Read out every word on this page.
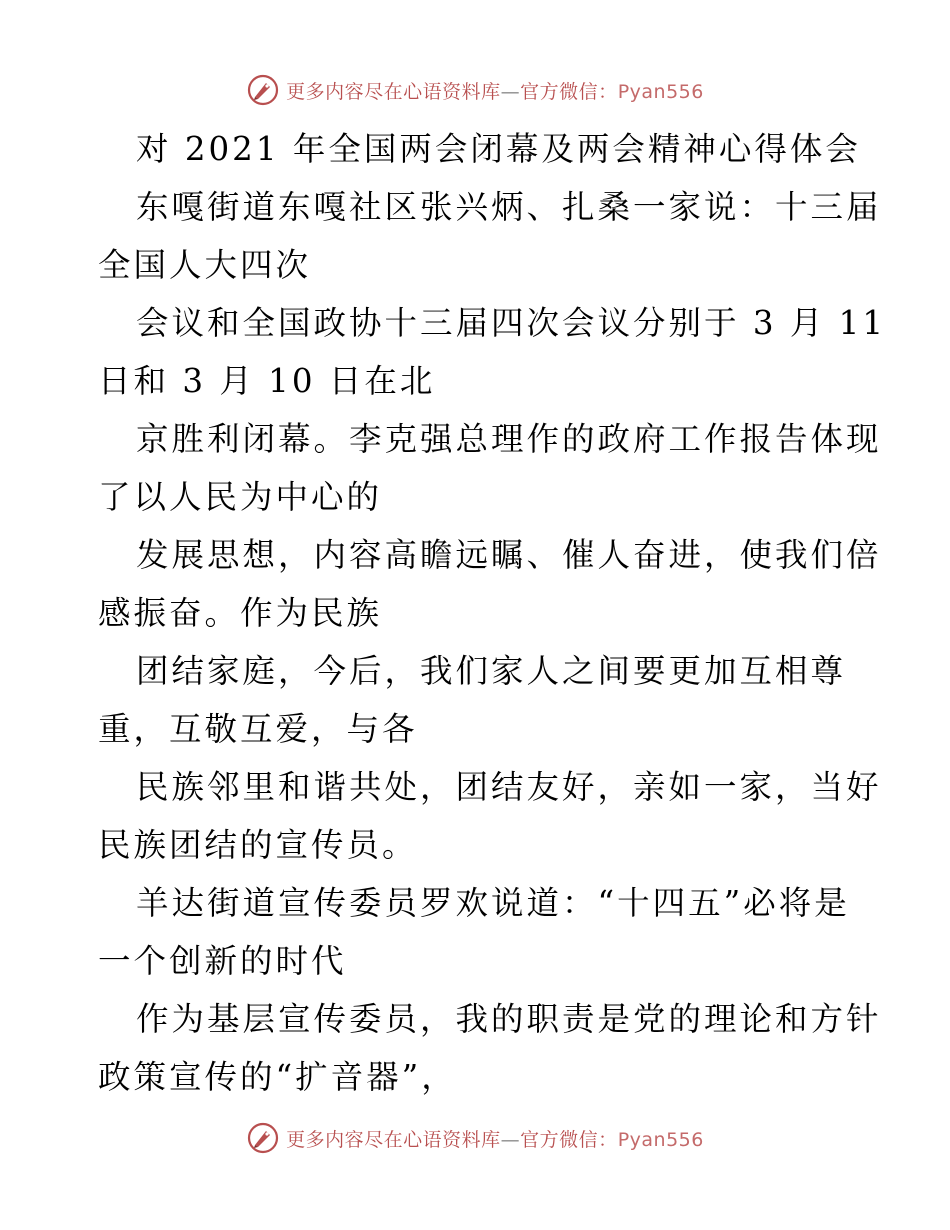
更多内容尽在心语资料库—官方微信：Pyan556
对 2021 年全国两会闭幕及两会精神心得体会
东嘎街道东嘎社区张兴炳、扎桑一家说：十三届
全国人大四次
会议和全国政协十三届四次会议分别于 3 月 11
日和 3 月 10 日在北
京胜利闭幕。李克强总理作的政府工作报告体现
了以人民为中心的
发展思想，内容高瞻远瞩、催人奋进，使我们倍
感振奋。作为民族
团结家庭，今后，我们家人之间要更加互相尊
重，互敬互爱，与各
民族邻里和谐共处，团结友好，亲如一家，当好
民族团结的宣传员。
羊达街道宣传委员罗欢说道：“十四五”必将是
一个创新的时代
作为基层宣传委员，我的职责是党的理论和方针
政策宣传的“扩音器”，
更多内容尽在心语资料库—官方微信：Pyan556
